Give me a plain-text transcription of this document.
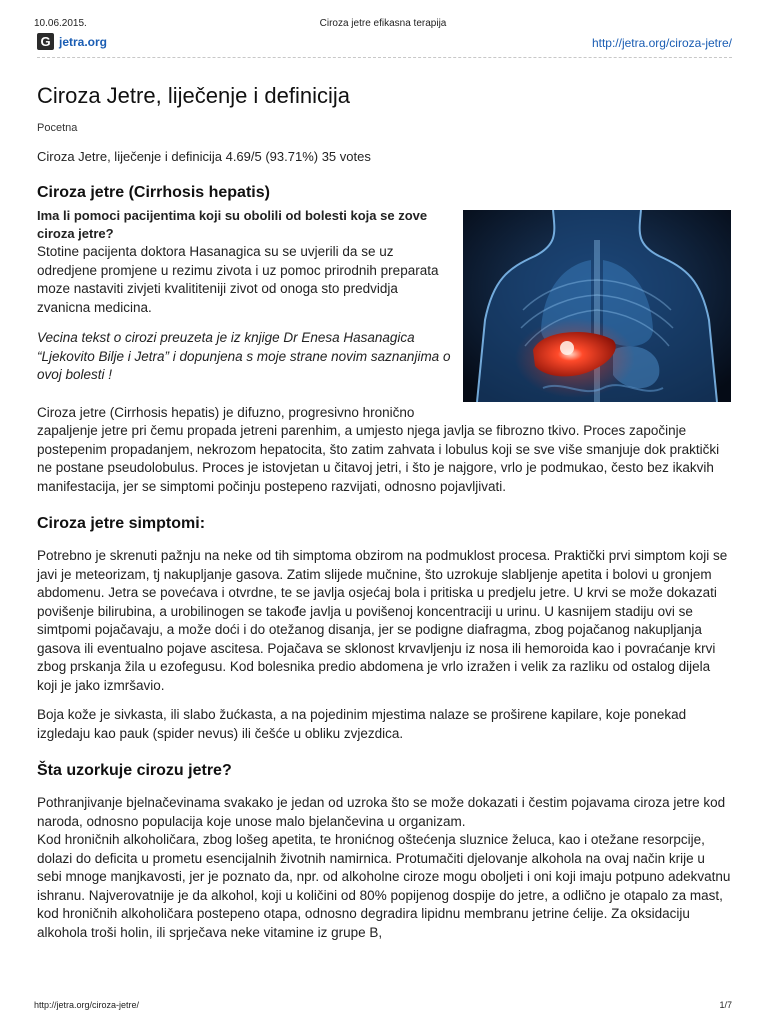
10.06.2015.	Ciroza jetre efikasna terapija
G jetra.org	http://jetra.org/ciroza-jetre/
Ciroza Jetre, liječenje i definicija
Pocetna
Ciroza Jetre, liječenje i definicija 4.69/5 (93.71%) 35 votes
Ciroza jetre (Cirrhosis hepatis)

Ima li pomoci pacijentima koji su obolili od bolesti koja se zove ciroza jetre?

Stotine pacijenta doktora Hasanagica su se uvjerili da se uz odredjene promjene u rezimu zivota i uz pomoc prirodnih preparata moze nastaviti zivjeti kvalititeniji zivot od onoga sto predvidja zvanicna medicina.

Vecina tekst o cirozi preuzeta je iz knjige Dr Enesa Hasanagica “Ljekovito Bilje i Jetra” i dopunjena s moje strane novim saznanjima o ovoj bolesti !

Ciroza jetre (Cirrhosis hepatis) je difuzno, progresivno hronično zapaljenje jetre pri čemu propada jetreni parenhim, a umjesto njega javlja se fibrozno tkivo. Proces započinje postepenim propadanjem, nekrozom hepatocita, što zatim zahvata i lobulus koji se sve više smanjuje dok praktički ne postane pseudolobulus. Proces je istovjetan u čitavoj jetri, i što je najgore, vrlo je podmukao, često bez ikakvih manifestacija, jer se simptomi počinju postepeno razvijati, odnosno pojavljivati.

Ciroza jetre simptomi:

Potrebno je skrenuti pažnju na neke od tih simptoma obzirom na podmuklost procesa. Praktički prvi simptom koji se javi je meteorizam, tj nakupljanje gasova. Zatim slijede mučnine, što uzrokuje slabljenje apetita i bolovi u gronjem abdomenu. Jetra se povećava i otvrdne, te se javlja osjećaj bola i pritiska u predjelu jetre. U krvi se može dokazati povišenje bilirubina, a urobilinogen se takođe javlja u povišenoj koncentraciji u urinu. U kasnijem stadiju ovi se simtpomi pojačavaju, a može doći i do otežanog disanja, jer se podigne diafragma, zbog pojačanog nakupljanja gasova ili eventualno pojave ascitesa. Pojačava se sklonost krvavljenju iz nosa ili hemoroida kao i povraćanje krvi zbog prskanja žila u ezofegusu. Kod bolesnika predio abdomena je vrlo izražen i velik za razliku od ostalog dijela koji je jako izmršavio.

Boja kože je sivkasta, ili slabo žućkasta, a na pojedinim mjestima nalaze se proširene kapilare, koje ponekad izgledaju kao pauk (spider nevus) ili češće u obliku zvjezdica.

Šta uzorkuje cirozu jetre?

Pothranjivanje bjelnačevinama svakako je jedan od uzroka što se može dokazati i čestim pojavama ciroza jetre kod naroda, odnosno populacija koje unose malo bjelančevina u organizam.

Kod hroničnih alkoholičara, zbog lošeg apetita, te hronićnog oštećenja sluznice želuca, kao i otežane resorpcije, dolazi do deficita u prometu esencijalnih životnih namirnica. Protumačiti djelovanje alkohola na ovaj način krije u sebi mnoge manjkavosti, jer je poznato da, npr. od alkoholne ciroze mogu obolјeti i oni koji imaju potpuno adekvatnu ishranu. Najverovatnije je da alkohol, koji u količini od 80% popijenog dospije do jetre, a odlično je otapalo za mast, kod hroničnih alkoholičara postepeno otapa, odnosno degradira lipidnu membranu jetrine ćelije. Za oksidaciju alkohola troši holin, ili sprječava neke vitamine iz grupe B,

http://jetra.org/ciroza-jetre/	1/7
